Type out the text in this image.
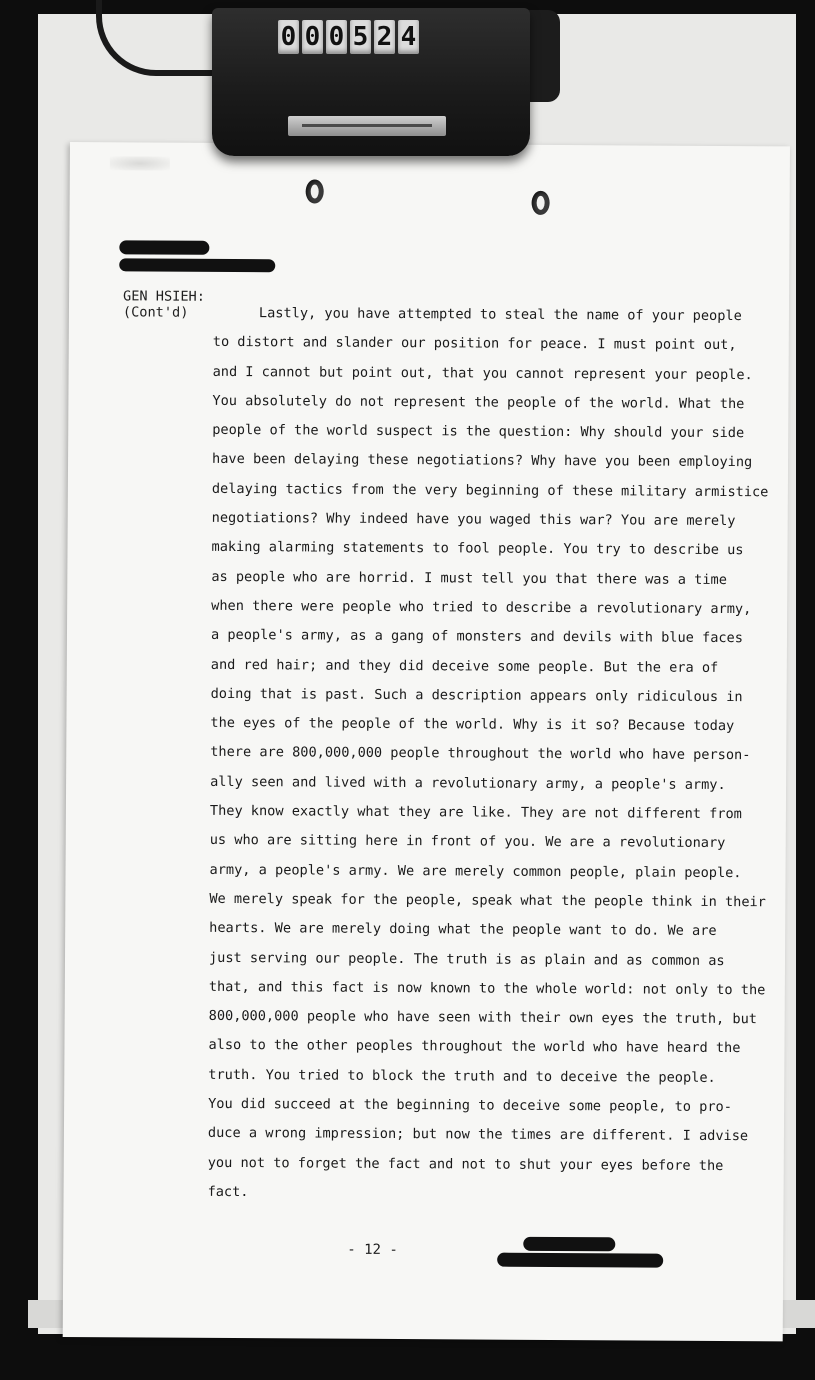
GEN HSIEH:
(Cont'd)	Lastly, you have attempted to steal the name of your people
to distort and slander our position for peace. I must point out,
and I cannot but point out, that you cannot represent your people.
You absolutely do not represent the people of the world. What the
people of the world suspect is the question: Why should your side
have been delaying these negotiations? Why have you been employing
delaying tactics from the very beginning of these military armistice
negotiations? Why indeed have you waged this war? You are merely
making alarming statements to fool people. You try to describe us
as people who are horrid. I must tell you that there was a time
when there were people who tried to describe a revolutionary army,
a people's army, as a gang of monsters and devils with blue faces
and red hair; and they did deceive some people. But the era of
doing that is past. Such a description appears only ridiculous in
the eyes of the people of the world. Why is it so? Because today
there are 800,000,000 people throughout the world who have person-
ally seen and lived with a revolutionary army, a people's army.
They know exactly what they are like. They are not different from
us who are sitting here in front of you. We are a revolutionary
army, a people's army. We are merely common people, plain people.
We merely speak for the people, speak what the people think in their
hearts. We are merely doing what the people want to do. We are
just serving our people. The truth is as plain and as common as
that, and this fact is now known to the whole world: not only to the
800,000,000 people who have seen with their own eyes the truth, but
also to the other peoples throughout the world who have heard the
truth. You tried to block the truth and to deceive the people.
You did succeed at the beginning to deceive some people, to pro-
duce a wrong impression; but now the times are different. I advise
you not to forget the fact and not to shut your eyes before the
fact.
- 12 -
0 0 0 5 2 4
